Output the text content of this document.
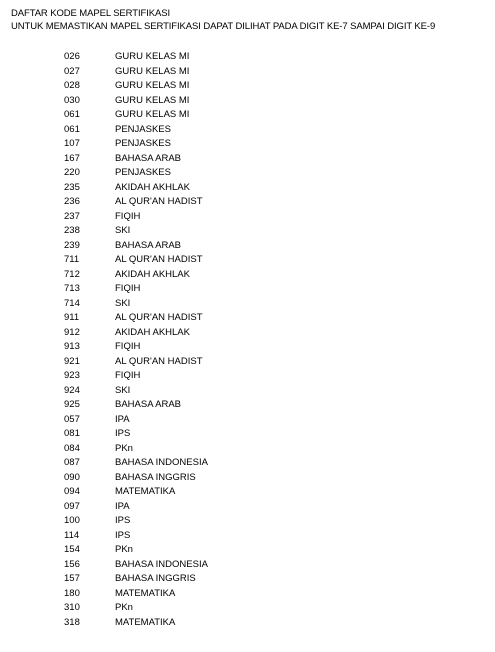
DAFTAR KODE MAPEL SERTIFIKASI
UNTUK MEMASTIKAN MAPEL SERTIFIKASI DAPAT DILIHAT PADA DIGIT KE-7 SAMPAI DIGIT KE-9
026	GURU KELAS MI
027	GURU KELAS MI
028	GURU KELAS MI
030	GURU KELAS MI
061	GURU KELAS MI
061	PENJASKES
107	PENJASKES
167	BAHASA ARAB
220	PENJASKES
235	AKIDAH AKHLAK
236	AL QUR'AN HADIST
237	FIQIH
238	SKI
239	BAHASA ARAB
711	AL QUR'AN HADIST
712	AKIDAH AKHLAK
713	FIQIH
714	SKI
911	AL QUR'AN HADIST
912	AKIDAH AKHLAK
913	FIQIH
921	AL QUR'AN HADIST
923	FIQIH
924	SKI
925	BAHASA ARAB
057	IPA
081	IPS
084	PKn
087	BAHASA INDONESIA
090	BAHASA INGGRIS
094	MATEMATIKA
097	IPA
100	IPS
114	IPS
154	PKn
156	BAHASA INDONESIA
157	BAHASA INGGRIS
180	MATEMATIKA
310	PKn
318	MATEMATIKA
